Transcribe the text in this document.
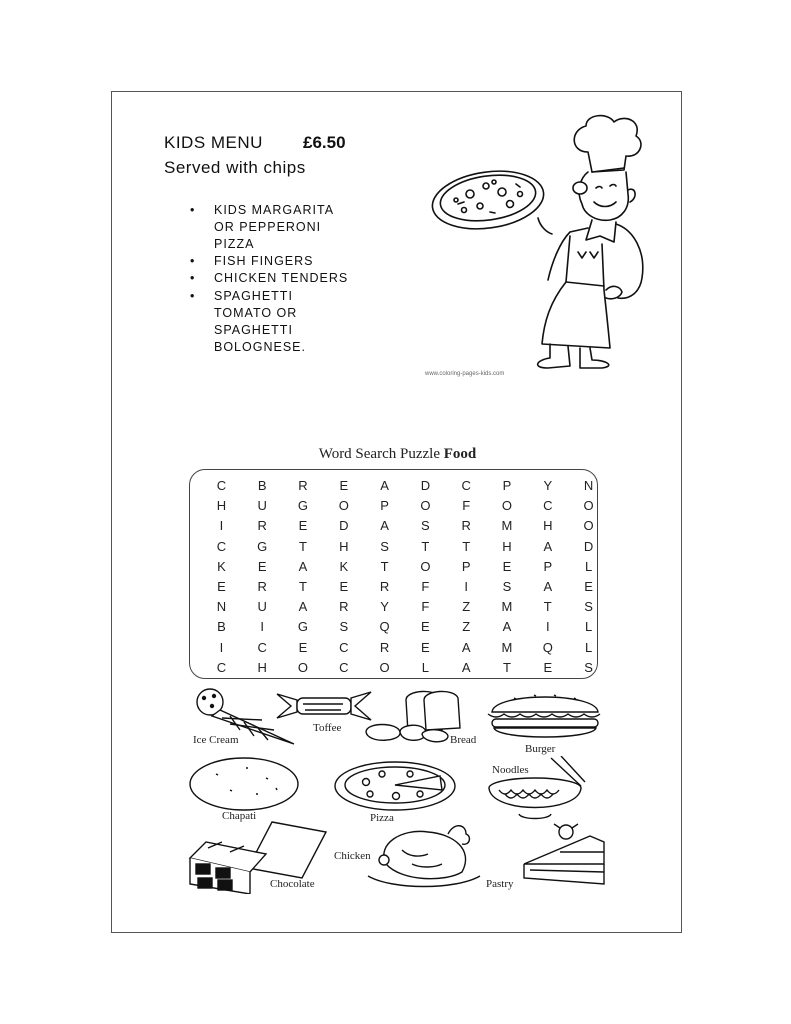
KIDS MENU £6.50
Served with chips
• KIDS MARGARITA
OR PEPPERONI
PIZZA
• FISH FINGERS
• CHICKEN TENDERS
• SPAGHETTI
TOMATO OR
SPAGHETTI
BOLOGNESE.
www.coloring-pages-kids.com
Word Search Puzzle Food
C	B	R	E	A	D	C	P	Y	N
H	U	G	O	P	O	F	O	C	O
I	R	E	D	A	S	R	M	H	O
C	G	T	H	S	T	T	H	A	D
K	E	A	K	T	O	P	E	P	L
E	R	T	E	R	F	I	S	A	E
N	U	A	R	Y	F	Z	M	T	S
B	I	G	S	Q	E	Z	A	I	L
I	C	E	C	R	E	A	M	Q	L
C	H	O	C	O	L	A	T	E	S
Ice Cream
Toffee
Bread
Burger
Chapati	Pizza
Noodles
Chocolate
Chicken
Pastry
